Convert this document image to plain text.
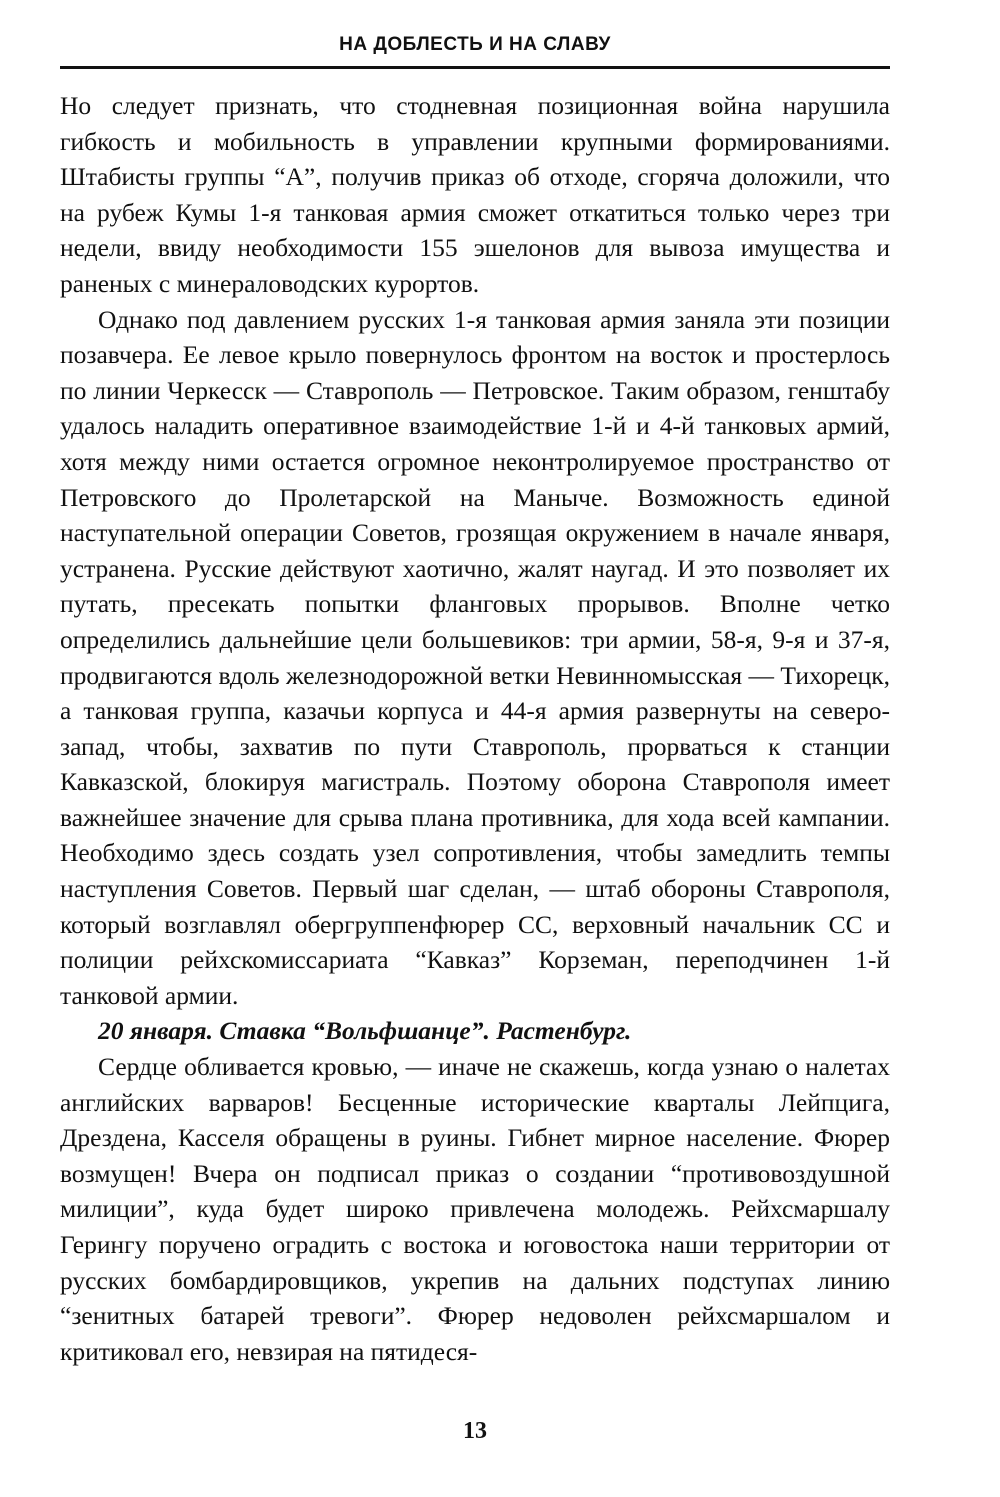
НА ДОБЛЕСТЬ И НА СЛАВУ

Но следует признать, что стодневная позиционная война нарушила гибкость и мобильность в управлении крупными формированиями. Штабисты группы “А”, получив приказ об отходе, сгоряча доложили, что на рубеж Кумы 1-я танковая армия сможет откатиться только через три недели, ввиду необходимости 155 эшелонов для вывоза имущества и раненых с минераловодских курортов.

Однако под давлением русских 1-я танковая армия заняла эти позиции позавчера. Ее левое крыло повернулось фронтом на восток и простерлось по линии Черкесск — Ставрополь — Петровское. Таким образом, генштабу удалось наладить оперативное взаимодействие 1-й и 4-й танковых армий, хотя между ними остается огромное неконтролируемое пространство от Петровского до Пролетарской на Маныче. Возможность единой наступательной операции Советов, грозящая окружением в начале января, устранена. Русские действуют хаотично, жалят наугад. И это позволяет их путать, пресекать попытки фланговых прорывов. Вполне четко определились дальнейшие цели большевиков: три армии, 58-я, 9-я и 37-я, продвигаются вдоль железнодорожной ветки Невинномысская — Тихорецк, а танковая группа, казачьи корпуса и 44-я армия развернуты на северо-запад, чтобы, захватив по пути Ставрополь, прорваться к станции Кавказской, блокируя магистраль. Поэтому оборона Ставрополя имеет важнейшее значение для срыва плана противника, для хода всей кампании. Необходимо здесь создать узел сопротивления, чтобы замедлить темпы наступления Советов. Первый шаг сделан, — штаб обороны Ставрополя, который возглавлял обергруппенфюрер СС, верховный начальник СС и полиции рейхскомиссариата “Кавказ” Корземан, переподчинен 1-й танковой армии.

20 января. Ставка “Вольфшанце”. Растенбург.

Сердце обливается кровью, — иначе не скажешь, когда узнаю о налетах английских варваров! Бесценные исторические кварталы Лейпцига, Дрездена, Касселя обращены в руины. Гибнет мирное население. Фюрер возмущен! Вчера он подписал приказ о создании “противовоздушной милиции”, куда будет широко привлечена молодежь. Рейхсмаршалу Герингу поручено оградить с востока и юговостока наши территории от русских бомбардировщиков, укрепив на дальних подступах линию “зенитных батарей тревоги”. Фюрер недоволен рейхсмаршалом и критиковал его, невзирая на пятидеся-

13
